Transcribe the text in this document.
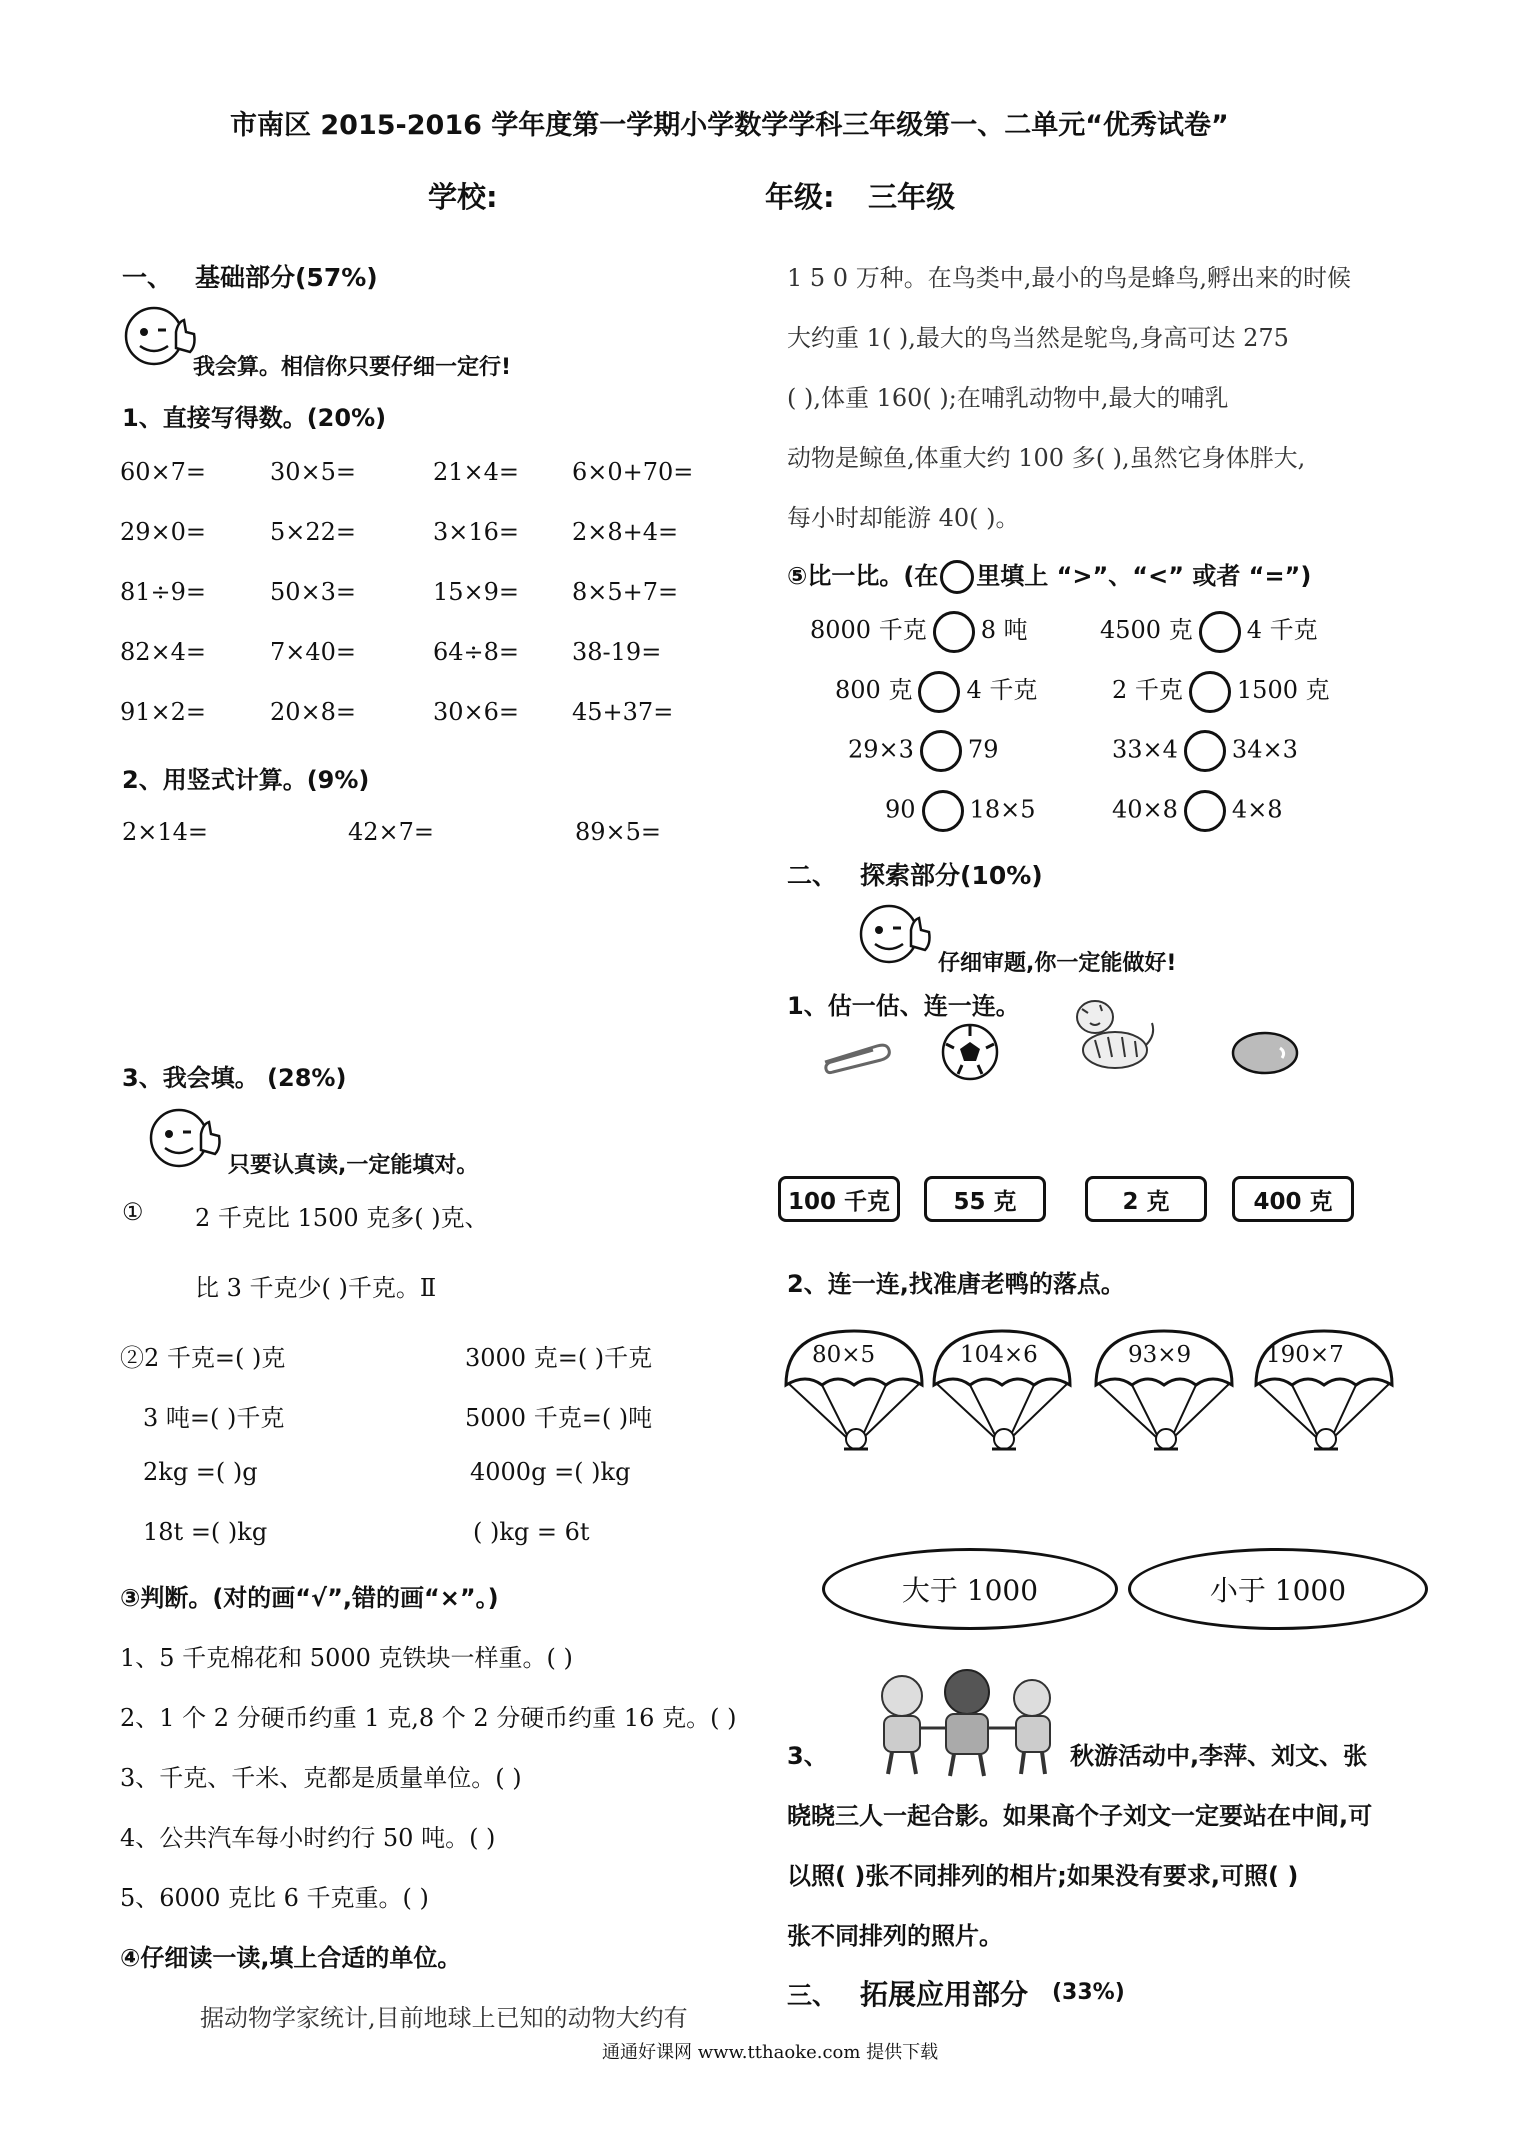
市南区 2015-2016 学年度第一学期小学数学学科三年级第一、二单元“优秀试卷”
学校:	年级: 三年级
一、 基础部分(57%)
我会算。相信你只要仔细一定行!
1、直接写得数。(20%)
60×7=	30×5=	21×4= 6×0+70=
29×0=	5×22=	3×16= 2×8+4=
81÷9=	50×3=	15×9= 8×5+7=
82×4=	7×40=	64÷8= 38-19=
91×2=	20×8=	30×6= 45+37=
2、用竖式计算。(9%)
2×14=	42×7=	89×5=
3、我会填。 (28%)
只要认真读,一定能填对。
① 2 千克比 1500 克多( )克、
比 3 千克少( )千克。Ⅱ
②2 千克=( )克	3000 克=( )千克
3 吨=( )千克	5000 千克=( )吨
2kg =( )g	4000g =( )kg
18t =( )kg	( )kg = 6t
③判断。(对的画“√”,错的画“×”。)
1、5 千克棉花和 5000 克铁块一样重。( )
2、1 个 2 分硬币约重 1 克,8 个 2 分硬币约重 16 克。( )
3、千克、千米、克都是质量单位。( )
4、公共汽车每小时约行 50 吨。( )
5、6000 克比 6 千克重。( )
④仔细读一读,填上合适的单位。
据动物学家统计,目前地球上已知的动物大约有
1 5 0 万种。在鸟类中,最小的鸟是蜂鸟,孵出来的时候
大约重 1( ),最大的鸟当然是鸵鸟,身高可达 275
( ),体重 160( );在哺乳动物中,最大的哺乳
动物是鲸鱼,体重大约 100 多( ),虽然它身体胖大,
每小时却能游 40( )。
⑤比一比。(在 里填上 “>”、“<” 或者 “=”)
8000 千克 8 吨	4500 克 4 千克
800 克 4 千克	2 千克 1500 克
29×3 79	33×4 34×3
90 18×5	40×8 4×8
二、 探索部分(10%)
仔细审题,你一定能做好!
1、估一估、连一连。
100 千克	55 克	2 克	400 克
2、连一连,找准唐老鸭的落点。
80×5	104×6	93×9	190×7
大于 1000	小于 1000
3、	秋游活动中,李萍、刘文、张
晓晓三人一起合影。如果高个子刘文一定要站在中间,可
以照( )张不同排列的相片;如果没有要求,可照( )
张不同排列的照片。
三、 拓展应用部分 (33%)
通通好课网 www.tthaoke.com 提供下载
